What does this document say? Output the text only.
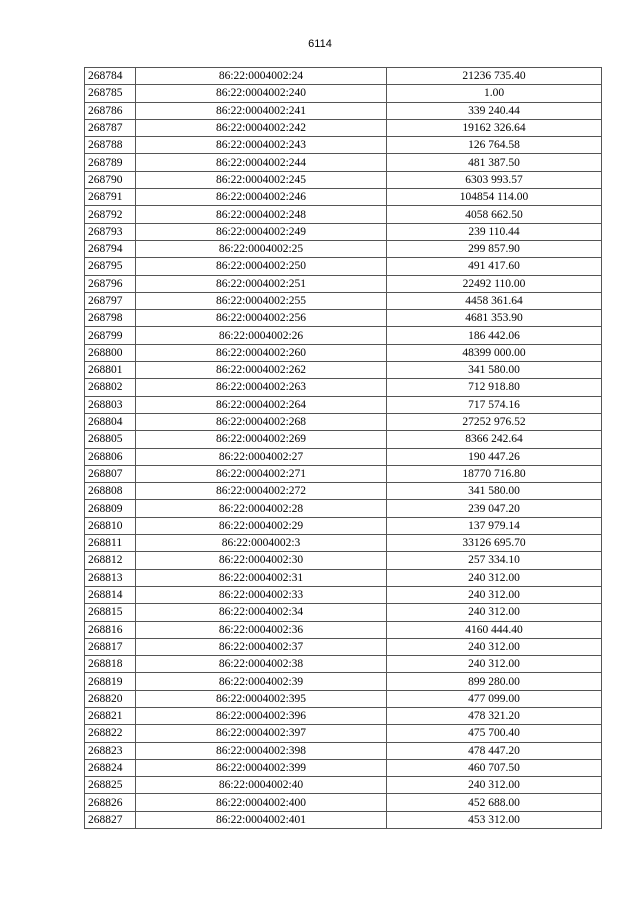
6114
268784	86:22:0004002:24	21236 735.40
268785	86:22:0004002:240	1.00
268786	86:22:0004002:241	339 240.44
268787	86:22:0004002:242	19162 326.64
268788	86:22:0004002:243	126 764.58
268789	86:22:0004002:244	481 387.50
268790	86:22:0004002:245	6303 993.57
268791	86:22:0004002:246	104854 114.00
268792	86:22:0004002:248	4058 662.50
268793	86:22:0004002:249	239 110.44
268794	86:22:0004002:25	299 857.90
268795	86:22:0004002:250	491 417.60
268796	86:22:0004002:251	22492 110.00
268797	86:22:0004002:255	4458 361.64
268798	86:22:0004002:256	4681 353.90
268799	86:22:0004002:26	186 442.06
268800	86:22:0004002:260	48399 000.00
268801	86:22:0004002:262	341 580.00
268802	86:22:0004002:263	712 918.80
268803	86:22:0004002:264	717 574.16
268804	86:22:0004002:268	27252 976.52
268805	86:22:0004002:269	8366 242.64
268806	86:22:0004002:27	190 447.26
268807	86:22:0004002:271	18770 716.80
268808	86:22:0004002:272	341 580.00
268809	86:22:0004002:28	239 047.20
268810	86:22:0004002:29	137 979.14
268811	86:22:0004002:3	33126 695.70
268812	86:22:0004002:30	257 334.10
268813	86:22:0004002:31	240 312.00
268814	86:22:0004002:33	240 312.00
268815	86:22:0004002:34	240 312.00
268816	86:22:0004002:36	4160 444.40
268817	86:22:0004002:37	240 312.00
268818	86:22:0004002:38	240 312.00
268819	86:22:0004002:39	899 280.00
268820	86:22:0004002:395	477 099.00
268821	86:22:0004002:396	478 321.20
268822	86:22:0004002:397	475 700.40
268823	86:22:0004002:398	478 447.20
268824	86:22:0004002:399	460 707.50
268825	86:22:0004002:40	240 312.00
268826	86:22:0004002:400	452 688.00
268827	86:22:0004002:401	453 312.00
